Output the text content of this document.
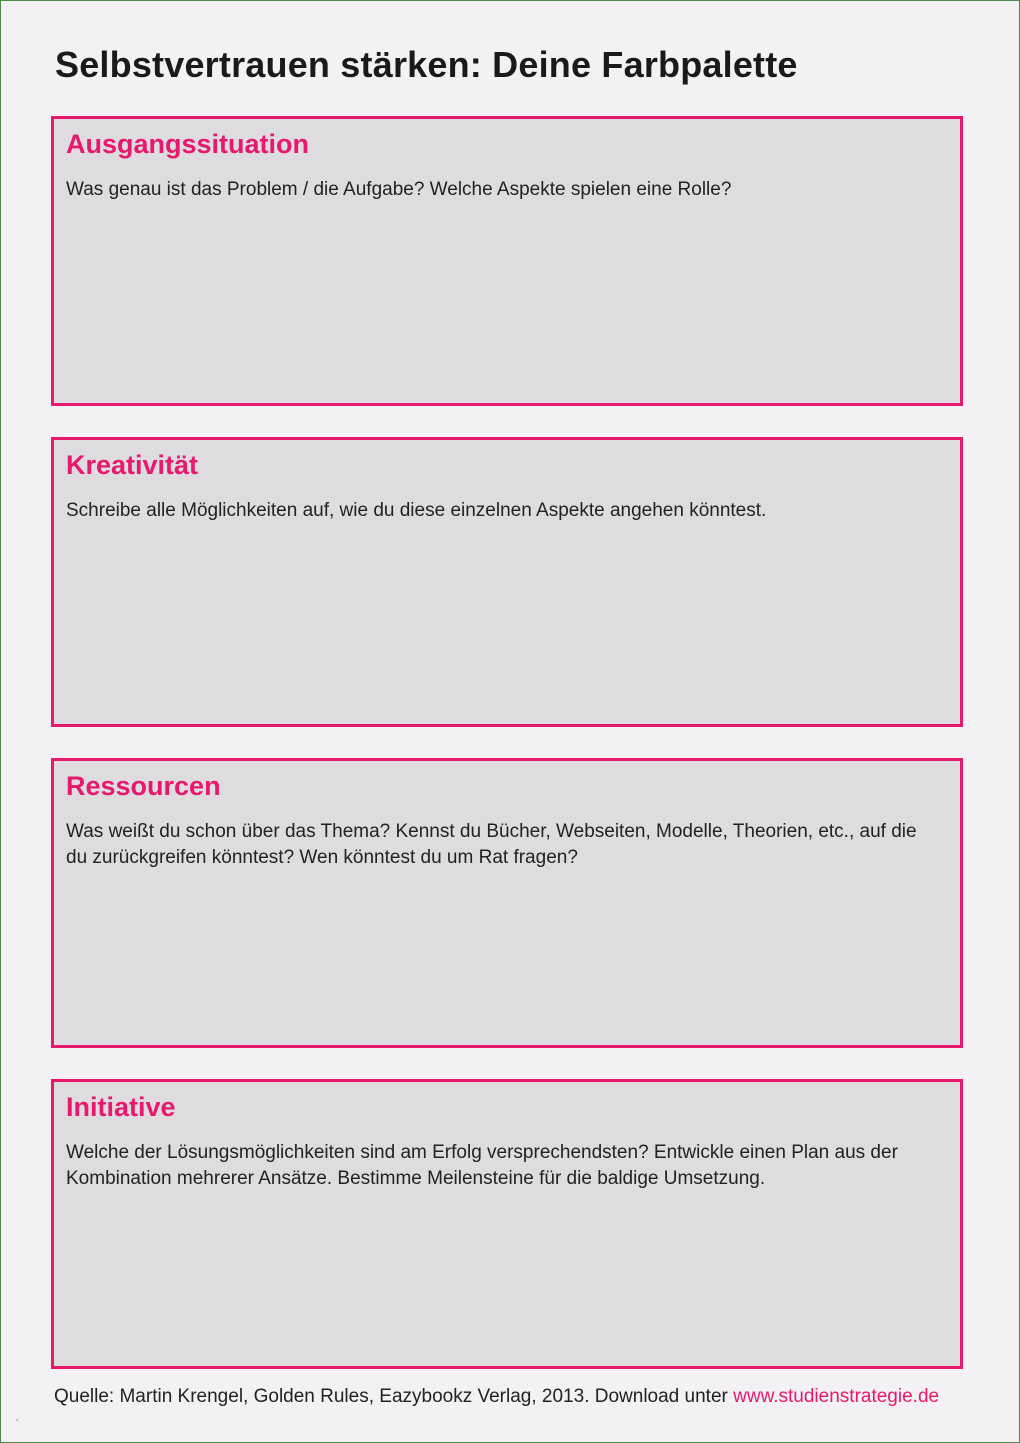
Selbstvertrauen stärken: Deine Farbpalette
Ausgangssituation

Was genau ist das Problem / die Aufgabe? Welche Aspekte spielen eine Rolle?

Kreativität

Schreibe alle Möglichkeiten auf, wie du diese einzelnen Aspekte angehen könntest.

Ressourcen

Was weißt du schon über das Thema? Kennst du Bücher, Webseiten, Modelle, Theorien, etc., auf die du zurückgreifen könntest? Wen könntest du um Rat fragen?

Initiative

Welche der Lösungsmöglichkeiten sind am Erfolg versprechendsten? Entwickle einen Plan aus der Kombination mehrerer Ansätze. Bestimme Meilensteine für die baldige Umsetzung.

Quelle: Martin Krengel, Golden Rules, Eazybookz Verlag, 2013. Download unter www.studienstrategie.de
▪
